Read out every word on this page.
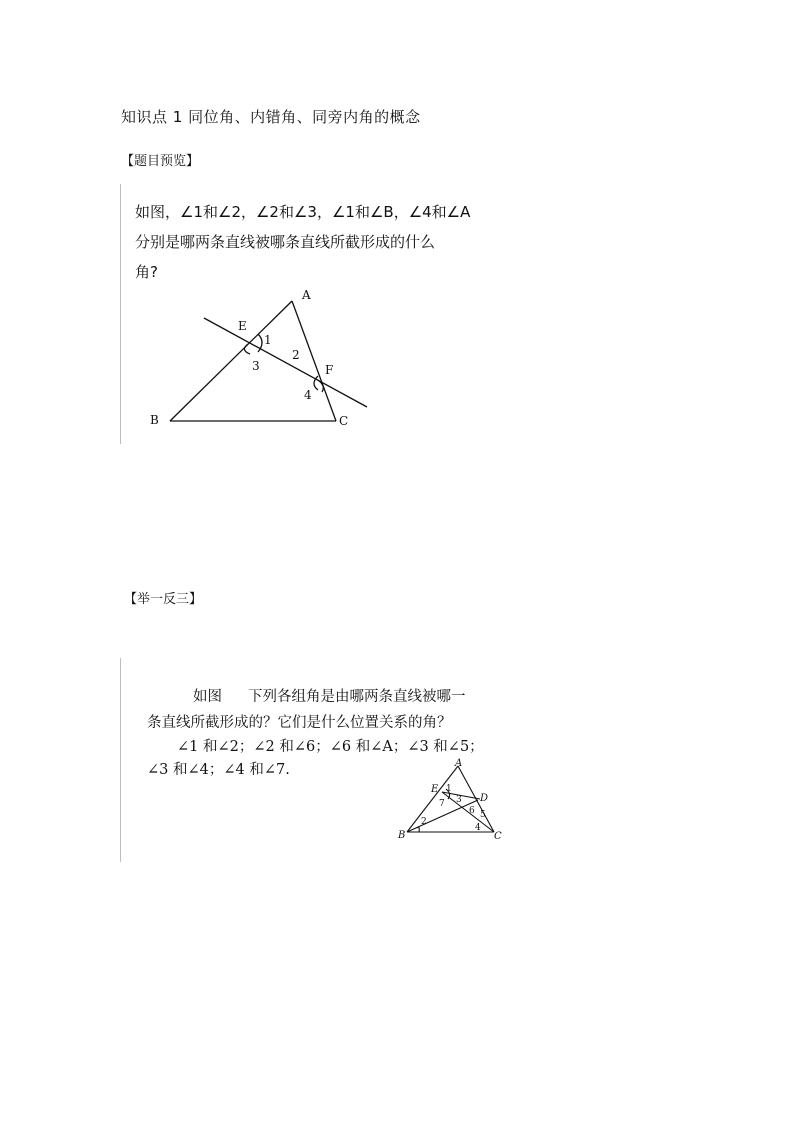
知识点 1 同位角、内错角、同旁内角的概念
【题目预览】
如图，∠1和∠2，∠2和∠3，∠1和∠B，∠4和∠A
分别是哪两条直线被哪条直线所截形成的什么
角?
A
E
1
2
3	F
4
B	C
A
E
D
B	C
1
3
7
6 5
4
2
【举一反三】
如图 下列各组角是由哪两条直线被哪一
条直线所截形成的？它们是什么位置关系的角？
∠1 和∠2；∠2 和∠6；∠6 和∠A；∠3 和∠5；
∠3 和∠4；∠4 和∠7.
